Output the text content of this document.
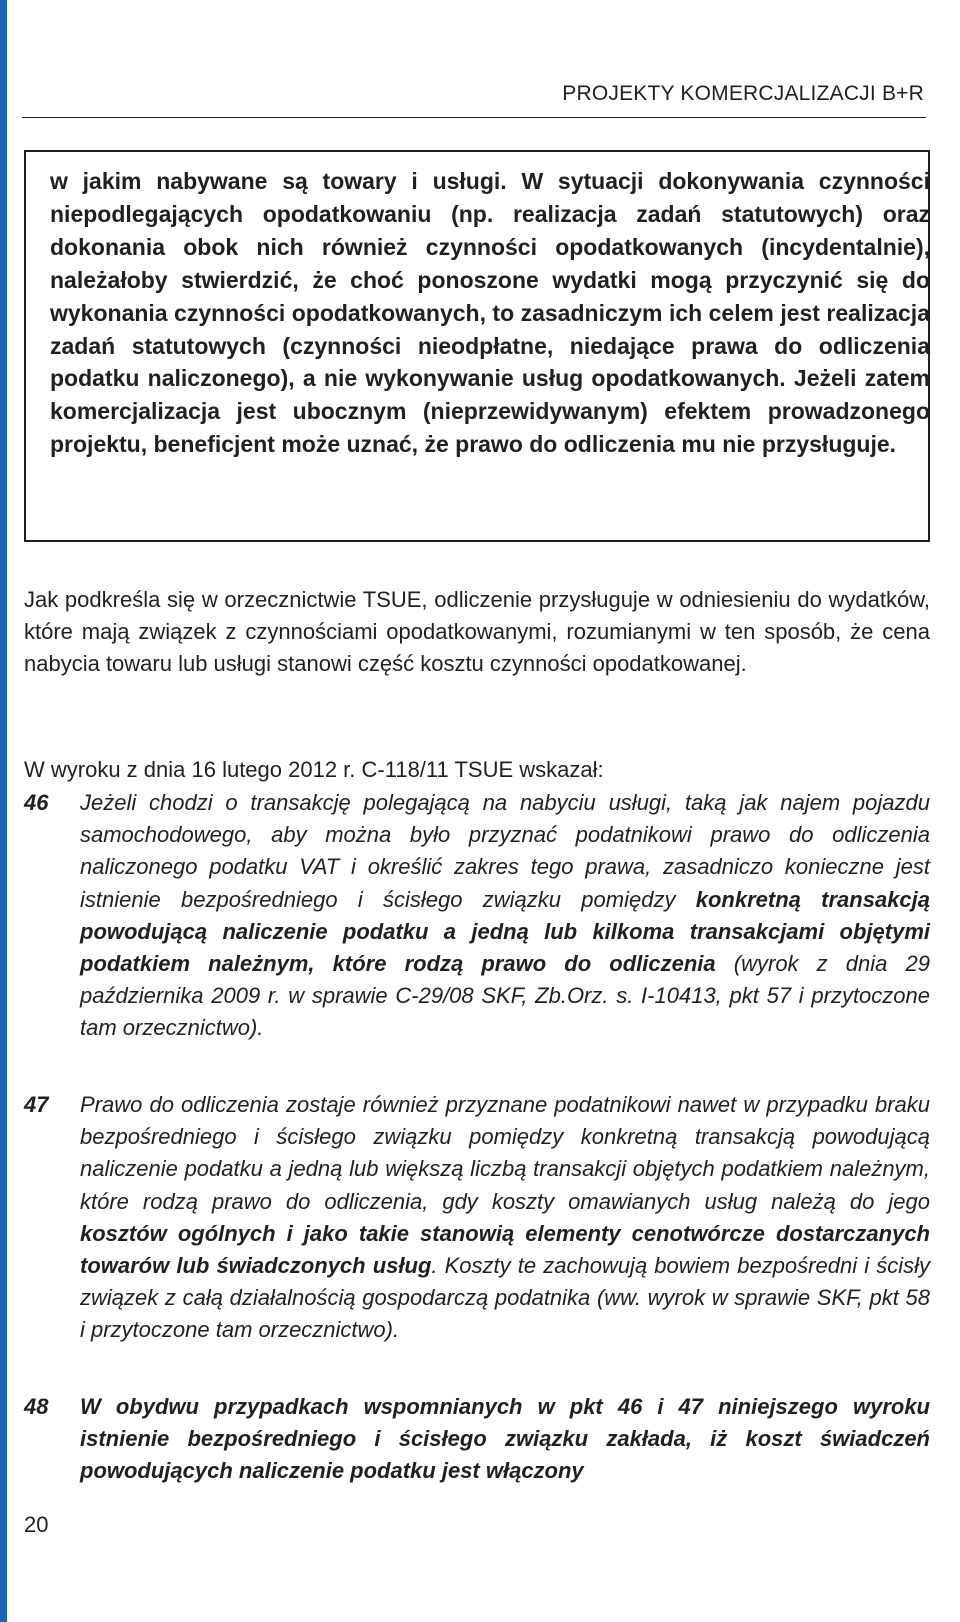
PROJEKTY KOMERCJALIZACJI B+R
w jakim nabywane są towary i usługi. W sytuacji dokonywania czynności niepodlegających opodatkowaniu (np. realizacja zadań statutowych) oraz dokonania obok nich również czynności opodatkowanych (incydentalnie), należałoby stwierdzić, że choć ponoszone wydatki mogą przyczynić się do wykonania czynności opodatkowanych, to zasadniczym ich celem jest realizacja zadań statutowych (czynności nieodpłatne, niedające prawa do odliczenia podatku naliczonego), a nie wykonywanie usług opodatkowanych. Jeżeli zatem komercjalizacja jest ubocznym (nieprzewidywanym) efektem prowadzonego projektu, beneficjent może uznać, że prawo do odliczenia mu nie przysługuje.
Jak podkreśla się w orzecznictwie TSUE, odliczenie przysługuje w odniesieniu do wydatków, które mają związek z czynnościami opodatkowanymi, rozumianymi w ten sposób, że cena nabycia towaru lub usługi stanowi część kosztu czynności opodatkowanej.
W wyroku z dnia 16 lutego 2012 r. C-118/11 TSUE wskazał:
46 Jeżeli chodzi o transakcję polegającą na nabyciu usługi, taką jak najem pojazdu samochodowego, aby można było przyznać podatnikowi prawo do odliczenia naliczonego podatku VAT i określić zakres tego prawa, zasadniczo konieczne jest istnienie bezpośredniego i ścisłego związku pomiędzy konkretną transakcją powodującą naliczenie podatku a jedną lub kilkoma transakcjami objętymi podatkiem należnym, które rodzą prawo do odliczenia (wyrok z dnia 29 października 2009 r. w sprawie C-29/08 SKF, Zb.Orz. s. I-10413, pkt 57 i przytoczone tam orzecznictwo).
47 Prawo do odliczenia zostaje również przyznane podatnikowi nawet w przypadku braku bezpośredniego i ścisłego związku pomiędzy konkretną transakcją powodującą naliczenie podatku a jedną lub większą liczbą transakcji objętych podatkiem należnym, które rodzą prawo do odliczenia, gdy koszty omawianych usług należą do jego kosztów ogólnych i jako takie stanowią elementy cenotwórcze dostarczanych towarów lub świadczonych usług. Koszty te zachowują bowiem bezpośredni i ścisły związek z całą działalnością gospodarczą podatnika (ww. wyrok w sprawie SKF, pkt 58 i przytoczone tam orzecznictwo).
48 W obydwu przypadkach wspomnianych w pkt 46 i 47 niniejszego wyroku istnienie bezpośredniego i ścisłego związku zakłada, iż koszt świadczeń powodujących naliczenie podatku jest włączony
20
